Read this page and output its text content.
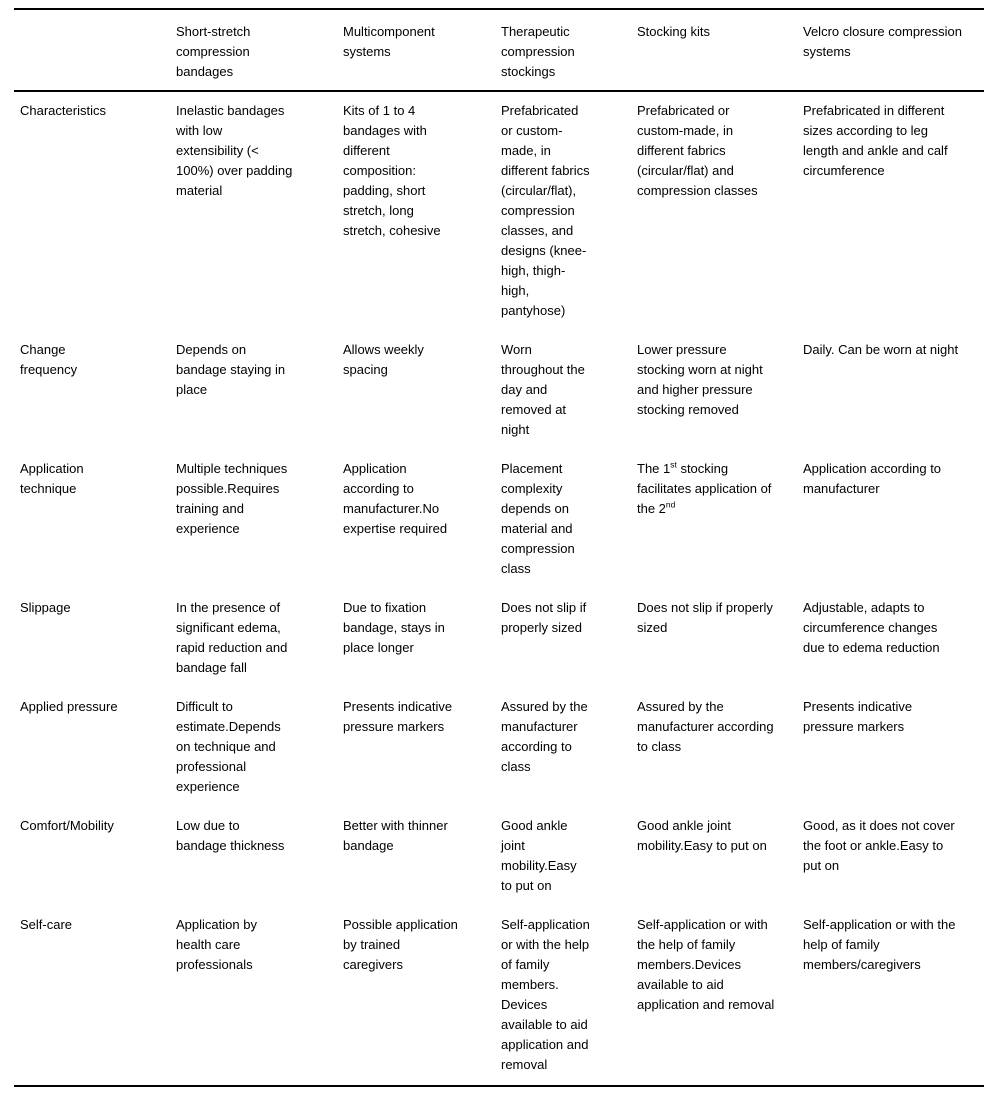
	Short-stretch compression bandages	Multicomponent systems	Therapeutic compression stockings	Stocking kits	Velcro closure compression systems
Characteristics	Inelastic bandages with low extensibility (< 100%) over padding material	Kits of 1 to 4 bandages with different composition: padding, short stretch, long stretch, cohesive	Prefabricated or custom-made, in different fabrics (circular/flat), compression classes, and designs (knee-high, thigh-high, pantyhose)	Prefabricated or custom-made, in different fabrics (circular/flat) and compression classes	Prefabricated in different sizes according to leg length and ankle and calf circumference
Change frequency	Depends on bandage staying in place	Allows weekly spacing	Worn throughout the day and removed at night	Lower pressure stocking worn at night and higher pressure stocking removed	Daily. Can be worn at night
Application technique	Multiple techniques possible.Requires training and experience	Application according to manufacturer.No expertise required	Placement complexity depends on material and compression class	The 1st stocking facilitates application of the 2nd	Application according to manufacturer
Slippage	In the presence of significant edema, rapid reduction and bandage fall	Due to fixation bandage, stays in place longer	Does not slip if properly sized	Does not slip if properly sized	Adjustable, adapts to circumference changes due to edema reduction
Applied pressure	Difficult to estimate.Depends on technique and professional experience	Presents indicative pressure markers	Assured by the manufacturer according to class	Assured by the manufacturer according to class	Presents indicative pressure markers
Comfort/Mobility	Low due to bandage thickness	Better with thinner bandage	Good ankle joint mobility.Easy to put on	Good ankle joint mobility.Easy to put on	Good, as it does not cover the foot or ankle.Easy to put on
Self-care	Application by health care professionals	Possible application by trained caregivers	Self-application or with the help of family members. Devices available to aid application and removal	Self-application or with the help of family members.Devices available to aid application and removal	Self-application or with the help of family members/caregivers
